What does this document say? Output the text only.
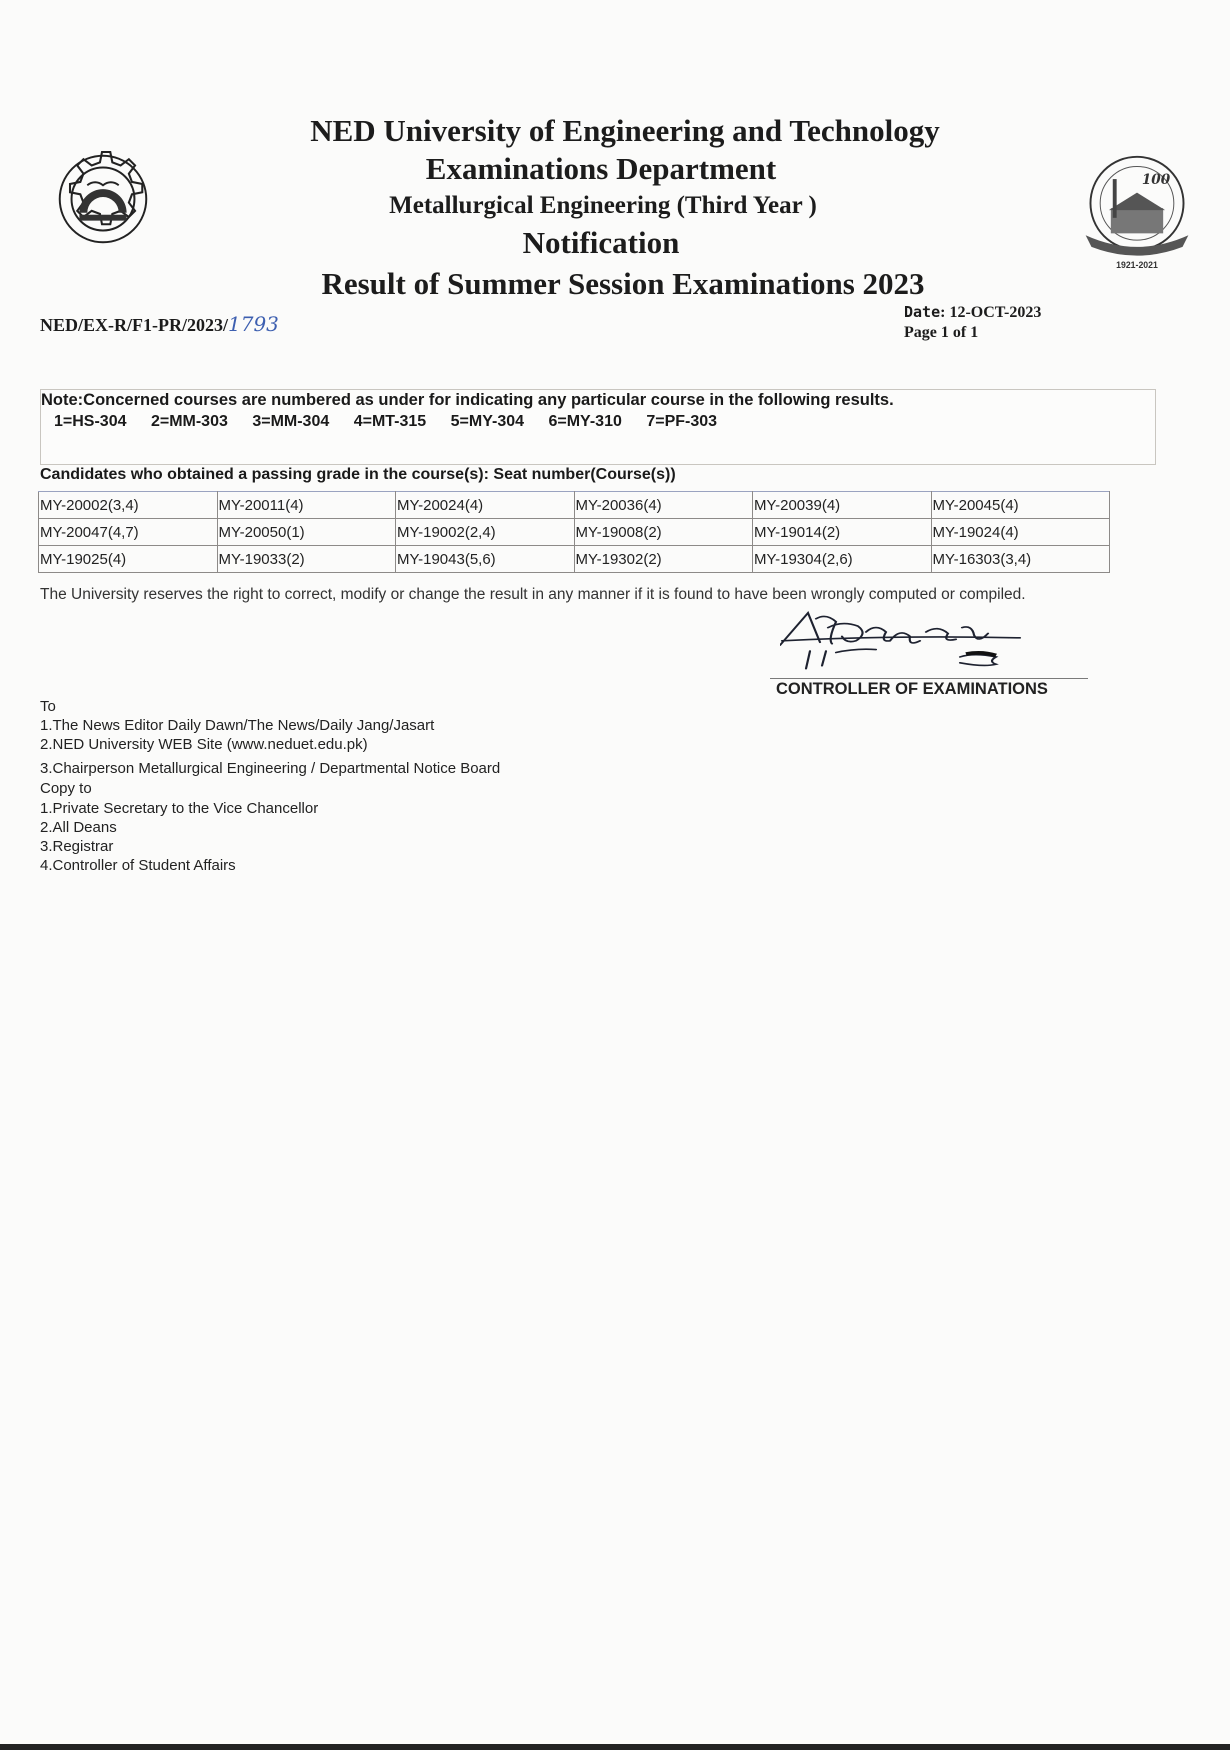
100
1921-2021
NED University of Engineering and Technology
Examinations Department
Metallurgical Engineering (Third Year )
Notification
Result of Summer Session Examinations 2023
NED/EX-R/F1-PR/2023/1793	Date: 12-OCT-2023
Page 1 of 1
Note:Concerned courses are numbered as under for indicating any particular course in the following results.
1=HS-304 2=MM-303 3=MM-304 4=MT-315 5=MY-304 6=MY-310 7=PF-303
Candidates who obtained a passing grade in the course(s): Seat number(Course(s))
MY-20002(3,4)	MY-20011(4)	MY-20024(4)	MY-20036(4)	MY-20039(4)	MY-20045(4)
MY-20047(4,7)	MY-20050(1)	MY-19002(2,4)	MY-19008(2)	MY-19014(2)	MY-19024(4)
MY-19025(4)	MY-19033(2)	MY-19043(5,6)	MY-19302(2)	MY-19304(2,6)	MY-16303(3,4)
The University reserves the right to correct, modify or change the result in any manner if it is found to have been wrongly computed or compiled.
CONTROLLER OF EXAMINATIONS
To
1.The News Editor Daily Dawn/The News/Daily Jang/Jasart
2.NED University WEB Site (www.neduet.edu.pk)
3.Chairperson Metallurgical Engineering / Departmental Notice Board
Copy to
1.Private Secretary to the Vice Chancellor
2.All Deans
3.Registrar
4.Controller of Student Affairs
